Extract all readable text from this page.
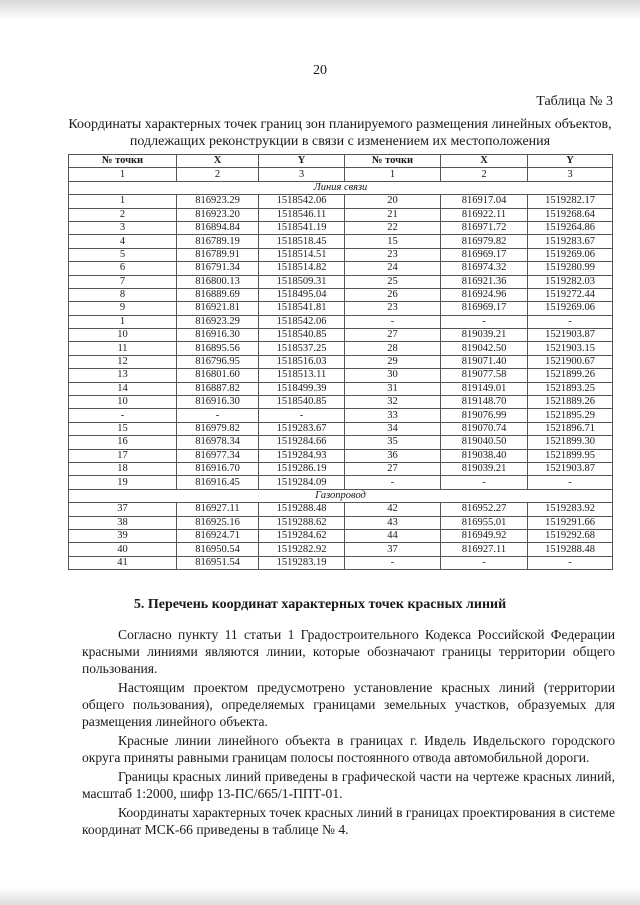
20
Таблица № 3
Координаты характерных точек границ зон планируемого размещения линейных объектов, подлежащих реконструкции в связи с изменением их местоположения
№ точки	X	Y	№ точки	X	Y
1	2	3	1	2	3
Линия связи					
1	816923.29	1518542.06	20	816917.04	1519282.17
2	816923.20	1518546.11	21	816922.11	1519268.64
3	816894.84	1518541.19	22	816971.72	1519264.86
4	816789.19	1518518.45	15	816979.82	1519283.67
5	816789.91	1518514.51	23	816969.17	1519269.06
6	816791.34	1518514.82	24	816974.32	1519280.99
7	816800.13	1518509.31	25	816921.36	1519282.03
8	816889.69	1518495.04	26	816924.96	1519272.44
9	816921.81	1518541.81	23	816969.17	1519269.06
1	816923.29	1518542.06	-	-	-
10	816916.30	1518540.85	27	819039.21	1521903.87
11	816895.56	1518537.25	28	819042.50	1521903.15
12	816796.95	1518516.03	29	819071.40	1521900.67
13	816801.60	1518513.11	30	819077.58	1521899.26
14	816887.82	1518499.39	31	819149.01	1521893.25
10	816916.30	1518540.85	32	819148.70	1521889.26
-	-	-	33	819076.99	1521895.29
15	816979.82	1519283.67	34	819070.74	1521896.71
16	816978.34	1519284.66	35	819040.50	1521899.30
17	816977.34	1519284.93	36	819038.40	1521899.95
18	816916.70	1519286.19	27	819039.21	1521903.87
19	816916.45	1519284.09	-	-	-
Газопровод					
37	816927.11	1519288.48	42	816952.27	1519283.92
38	816925.16	1519288.62	43	816955.01	1519291.66
39	816924.71	1519284.62	44	816949.92	1519292.68
40	816950.54	1519282.92	37	816927.11	1519288.48
41	816951.54	1519283.19	-	-	-
5. Перечень координат характерных точек красных линий

Согласно пункту 11 статьи 1 Градостроительного Кодекса Российской Федерации красными линиями являются линии, которые обозначают границы территории общего пользования.

Настоящим проектом предусмотрено установление красных линий (территории общего пользования), определяемых границами земельных участков, образуемых для размещения линейного объекта.

Красные линии линейного объекта в границах г. Ивдель Ивдельского городского округа приняты равными границам полосы постоянного отвода автомобильной дороги.

Границы красных линий приведены в графической части на чертеже красных линий, масштаб 1:2000, шифр 13-ПС/665/1-ППТ-01.

Координаты характерных точек красных линий в границах проектирования в системе координат МСК-66 приведены в таблице № 4.
